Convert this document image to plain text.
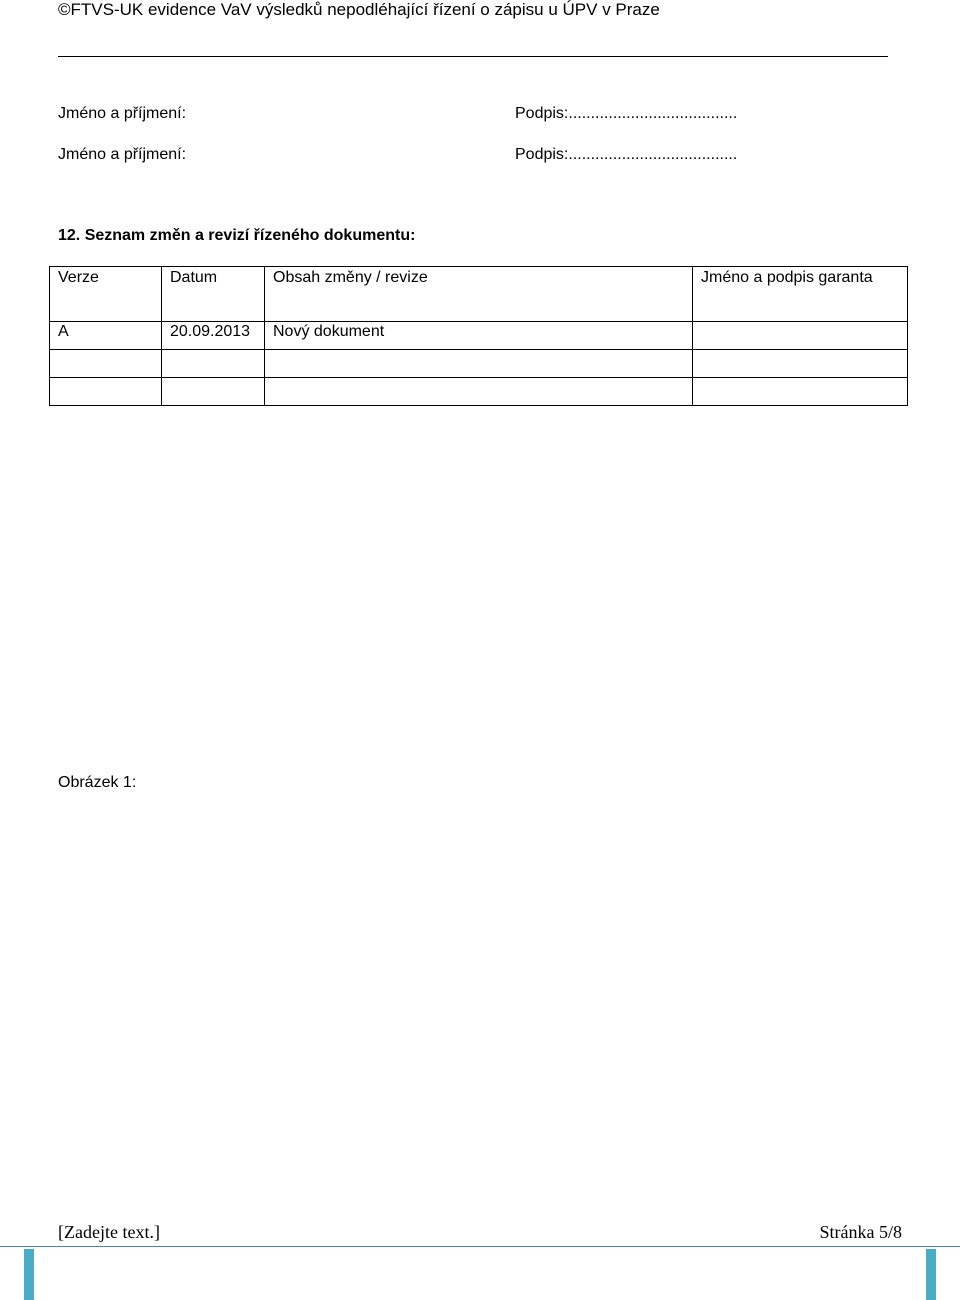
©FTVS-UK evidence VaV výsledků nepodléhající řízení o zápisu u ÚPV v Praze
Jméno a příjmení:	Podpis:......................................
Jméno a příjmení:	Podpis:......................................
12. Seznam změn a revizí řízeného dokumentu:
Verze	Datum	Obsah změny / revize	Jméno a podpis garanta
A	20.09.2013	Nový dokument	

Obrázek 1:
[Zadejte text.]	Stránka 5/8
